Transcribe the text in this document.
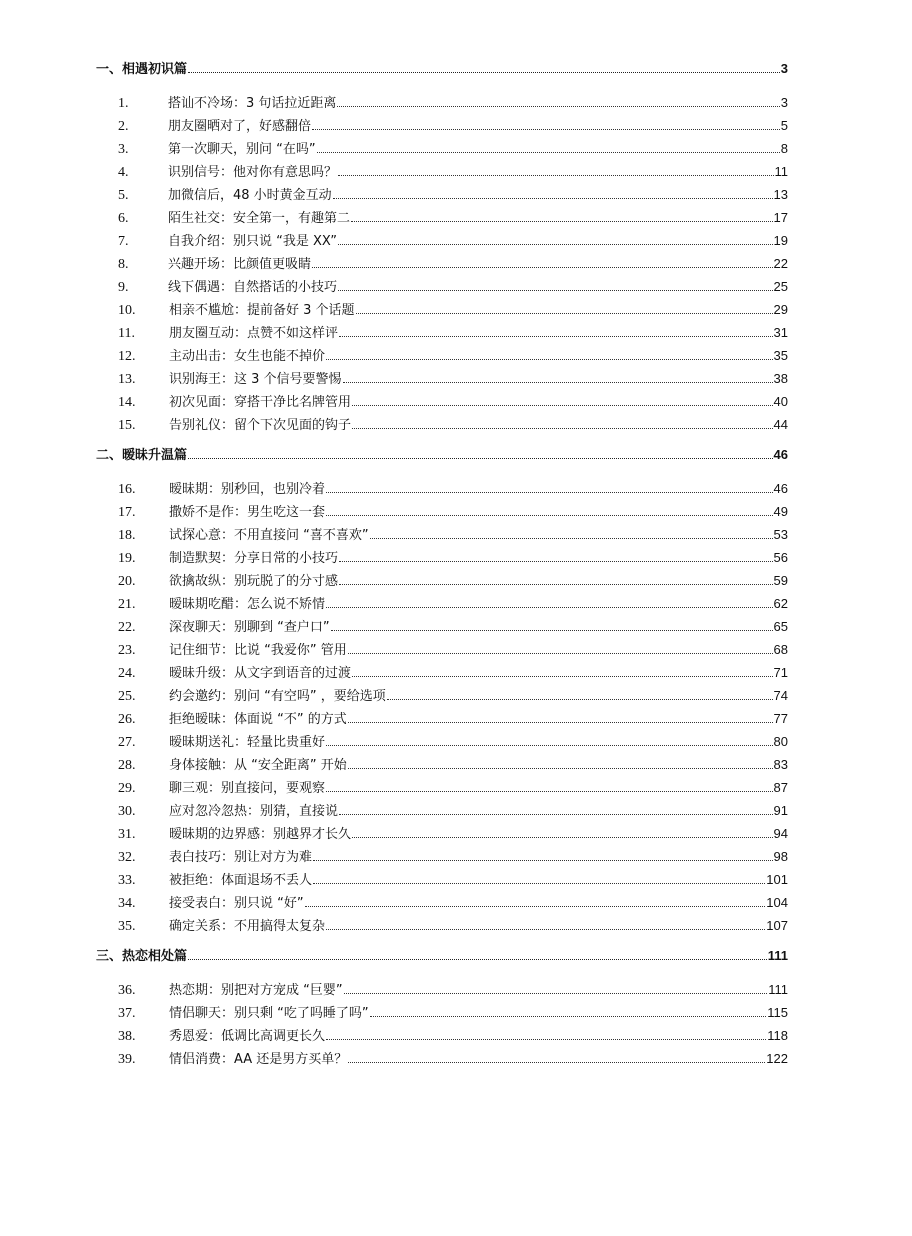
一、相遇初识篇	3
1.	搭讪不冷场：3 句话拉近距离	3
2.	朋友圈晒对了，好感翻倍	5
3.	第一次聊天，别问 “在吗”	8
4.	识别信号：他对你有意思吗？	11
5.	加微信后，48 小时黄金互动	13
6.	陌生社交：安全第一，有趣第二	17
7.	自我介绍：别只说 “我是 XX”	19
8.	兴趣开场：比颜值更吸睛	22
9.	线下偶遇：自然搭话的小技巧	25
10.	相亲不尴尬：提前备好 3 个话题	29
11.	朋友圈互动：点赞不如这样评	31
12.	主动出击：女生也能不掉价	35
13.	识别海王：这 3 个信号要警惕	38
14.	初次见面：穿搭干净比名牌管用	40
15.	告别礼仪：留个下次见面的钩子	44
二、暧昧升温篇	46
16.	暧昧期：别秒回，也别冷着	46
17.	撒娇不是作：男生吃这一套	49
18.	试探心意：不用直接问 “喜不喜欢”	53
19.	制造默契：分享日常的小技巧	56
20.	欲擒故纵：别玩脱了的分寸感	59
21.	暧昧期吃醋：怎么说不矫情	62
22.	深夜聊天：别聊到 “查户口”	65
23.	记住细节：比说 “我爱你” 管用	68
24.	暧昧升级：从文字到语音的过渡	71
25.	约会邀约：别问 “有空吗” ，要给选项	74
26.	拒绝暧昧：体面说 “不” 的方式	77
27.	暧昧期送礼：轻量比贵重好	80
28.	身体接触：从 “安全距离” 开始	83
29.	聊三观：别直接问，要观察	87
30.	应对忽冷忽热：别猜，直接说	91
31.	暧昧期的边界感：别越界才长久	94
32.	表白技巧：别让对方为难	98
33.	被拒绝：体面退场不丢人	101
34.	接受表白：别只说 “好”	104
35.	确定关系：不用搞得太复杂	107
三、热恋相处篇	111
36.	热恋期：别把对方宠成 “巨婴”	111
37.	情侣聊天：别只剩 “吃了吗睡了吗”	115
38.	秀恩爱：低调比高调更长久	118
39.	情侣消费：AA 还是男方买单？	122
